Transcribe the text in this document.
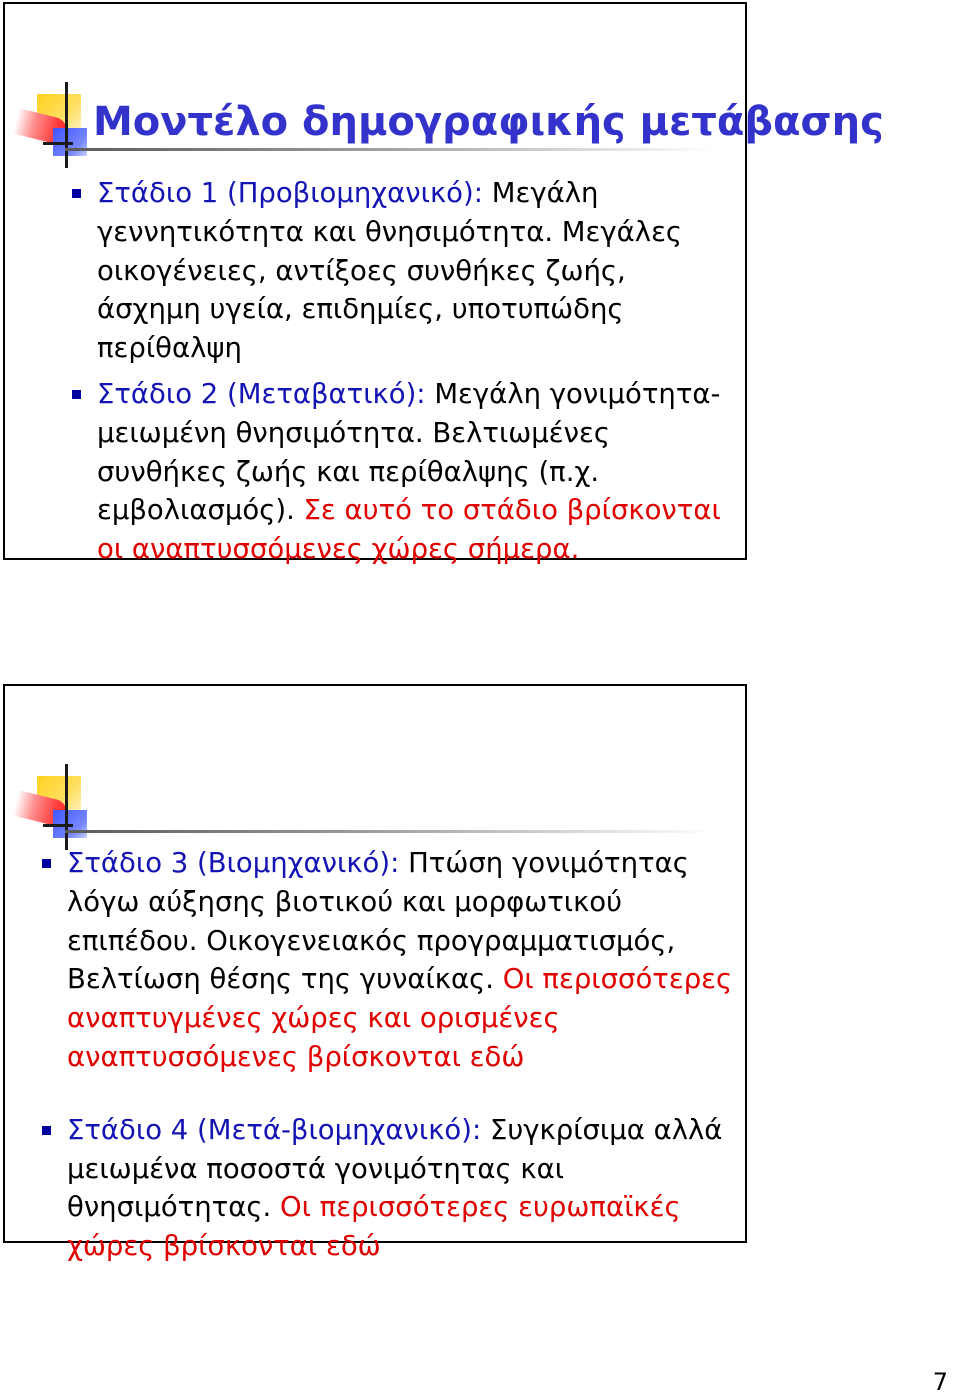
Μοντέλο δημογραφικής μετάβασης
Στάδιο 1 (Προβιομηχανικό): Μεγάλη γεννητικότητα και θνησιμότητα. Μεγάλες οικογένειες, αντίξοες συνθήκες ζωής, άσχημη υγεία, επιδημίες, υποτυπώδης περίθαλψη
Στάδιο 2 (Μεταβατικό): Μεγάλη γονιμότητα-μειωμένη θνησιμότητα. Βελτιωμένες συνθήκες ζωής και περίθαλψης (π.χ. εμβολιασμός). Σε αυτό το στάδιο βρίσκονται οι αναπτυσσόμενες χώρες σήμερα.
Στάδιο 3 (Βιομηχανικό): Πτώση γονιμότητας λόγω αύξησης βιοτικού και μορφωτικού επιπέδου. Οικογενειακός προγραμματισμός, Βελτίωση θέσης της γυναίκας. Οι περισσότερες αναπτυγμένες χώρες και ορισμένες αναπτυσσόμενες βρίσκονται εδώ
Στάδιο 4 (Μετά-βιομηχανικό): Συγκρίσιμα αλλά μειωμένα ποσοστά γονιμότητας και θνησιμότητας. Οι περισσότερες ευρωπαϊκές χώρες βρίσκονται εδώ
7
